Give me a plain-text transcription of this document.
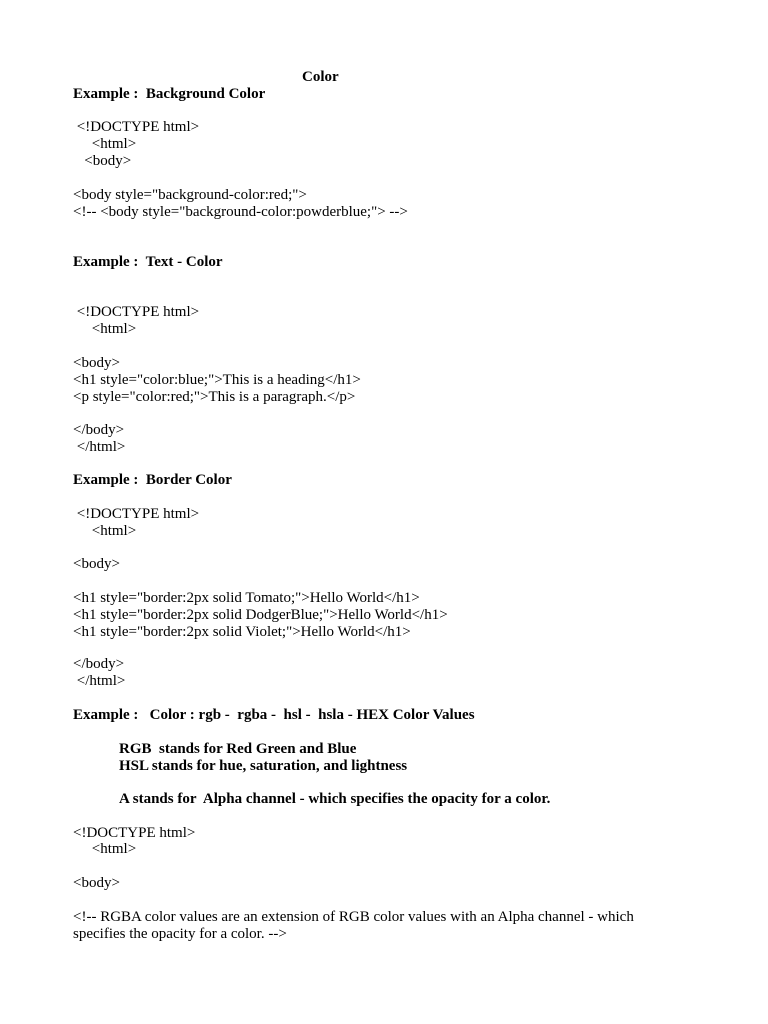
Color
Example :  Background Color
<!DOCTYPE html>
<html>
<body>
<body style="background-color:red;">
<!-- <body style="background-color:powderblue;"> -->
Example :  Text - Color
<!DOCTYPE html>
<html>
<body>
<h1 style="color:blue;">This is a heading</h1>
<p style="color:red;">This is a paragraph.</p>
</body>
</html>
Example :  Border Color
<!DOCTYPE html>
<html>
<body>
<h1 style="border:2px solid Tomato;">Hello World</h1>
<h1 style="border:2px solid DodgerBlue;">Hello World</h1>
<h1 style="border:2px solid Violet;">Hello World</h1>
</body>
</html>
Example :   Color : rgb -  rgba -  hsl -  hsla - HEX Color Values
RGB  stands for Red Green and Blue
HSL stands for hue, saturation, and lightness
A stands for  Alpha channel - which specifies the opacity for a color.
<!DOCTYPE html>
<html>
<body>
<!-- RGBA color values are an extension of RGB color values with an Alpha channel - which
specifies the opacity for a color. -->
